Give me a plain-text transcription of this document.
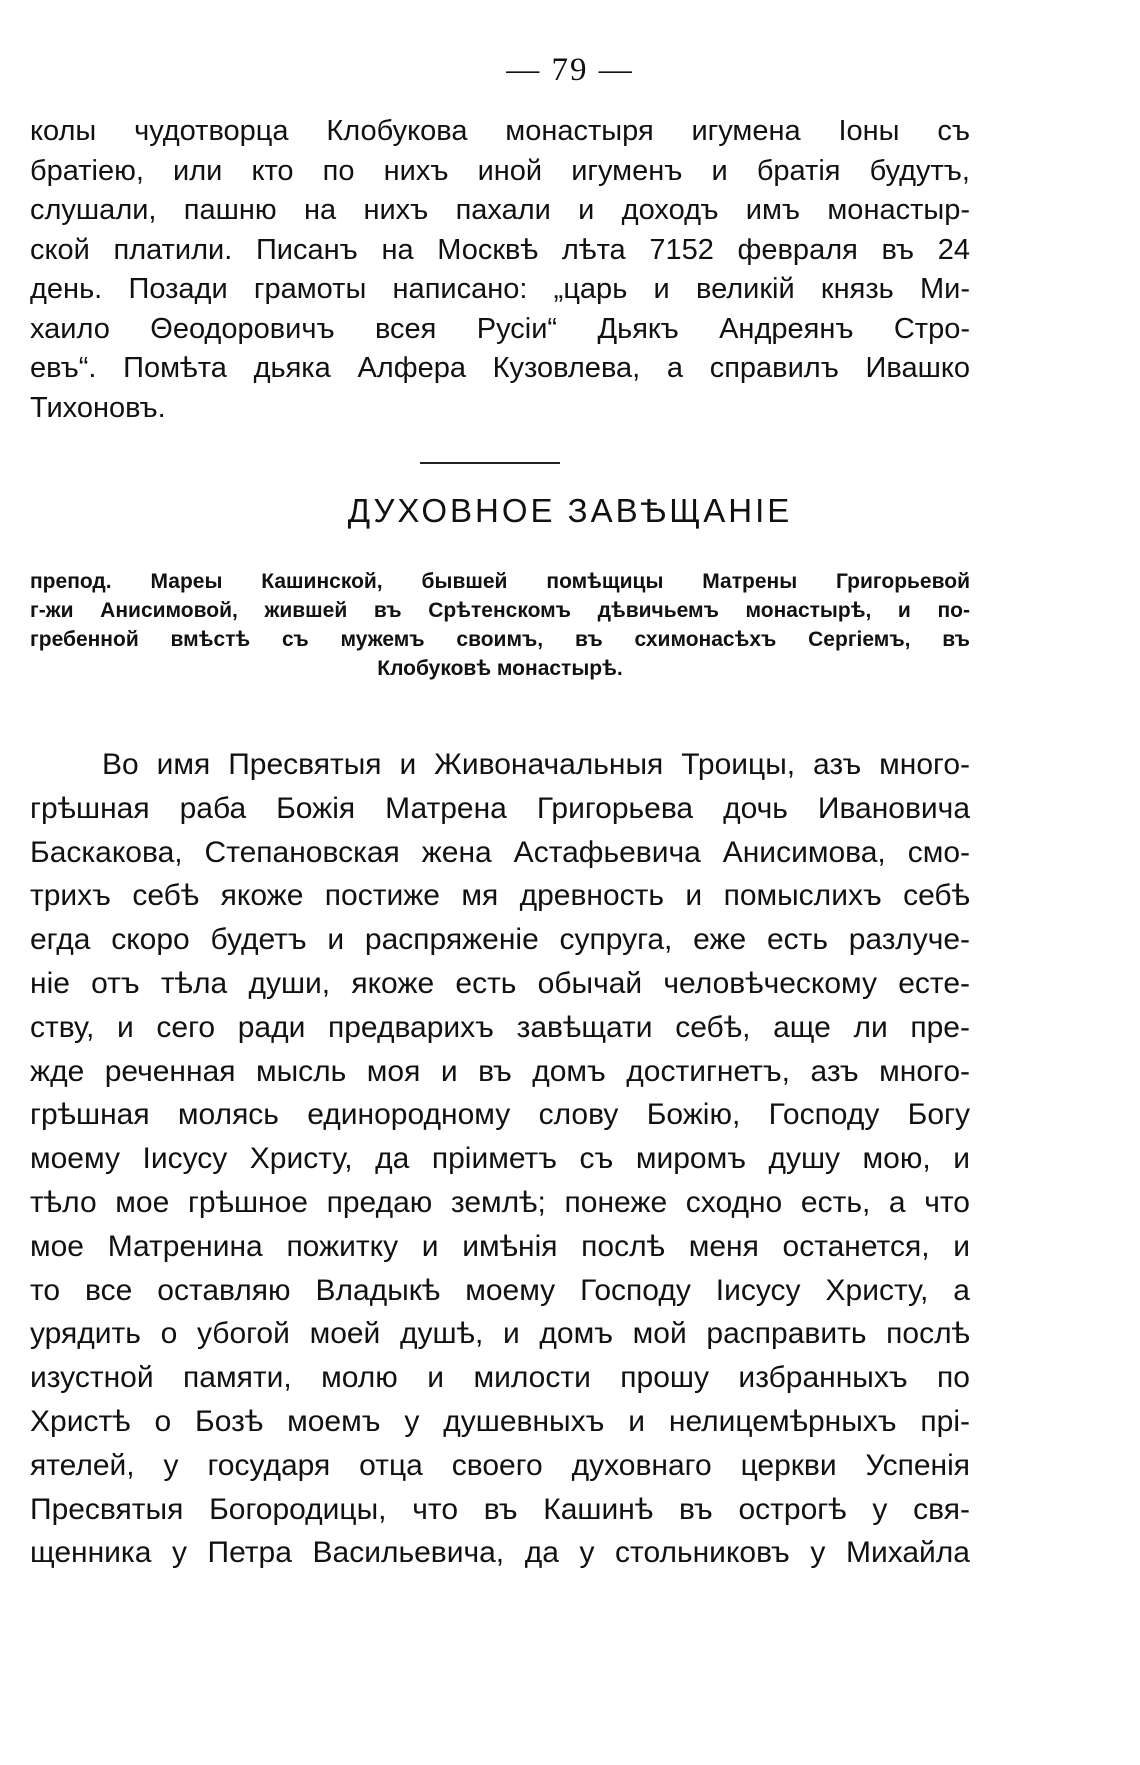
— 79 —
колы чудотворца Клобукова монастыря игумена Іоны съ
братіею, или кто по нихъ иной игуменъ и братія будутъ,
слушали, пашню на нихъ пахали и доходъ имъ монастыр-
ской платили. Писанъ на Москвѣ лѣта 7152 февраля въ 24
день. Позади грамоты написано: „царь и великій князь Ми-
хаило Θеодоровичъ всея Русіи“ Дьякъ Андреянъ Стро-
евъ“. Помѣта дьяка Алфера Кузовлева, а справилъ Ивашко
Тихоновъ.
ДУХОВНОЕ ЗАВѢЩАНІЕ
препод. Мареы Кашинской, бывшей помѣщицы Матрены Григорьевой
г-жи Анисимовой, жившей въ Срѣтенскомъ дѣвичьемъ монастырѣ, и по-
гребенной вмѣстѣ съ мужемъ своимъ, въ схимонасѣхъ Сергіемъ, въ
Клобуковѣ монастырѣ.
Во имя Пресвятыя и Живоначальныя Троицы, азъ много-
грѣшная раба Божія Матрена Григорьева дочь Ивановича
Баскакова, Степановская жена Астафьевича Анисимова, смо-
трихъ себѣ якоже постиже мя древность и помыслихъ себѣ
егда скоро будетъ и распряженіе супруга, еже есть разлуче-
ніе отъ тѣла души, якоже есть обычай человѣческому есте-
ству, и сего ради предварихъ завѣщати себѣ, аще ли пре-
жде реченная мысль моя и въ домъ достигнетъ, азъ много-
грѣшная молясь единородному слову Божію, Господу Богу
моему Іисусу Христу, да пріиметъ съ миромъ душу мою, и
тѣло мое грѣшное предаю землѣ; понеже сходно есть, а что
мое Матренина пожитку и имѣнія послѣ меня останется, и
то все оставляю Владыкѣ моему Господу Іисусу Христу, а
урядить о убогой моей душѣ, и домъ мой расправить послѣ
изустной памяти, молю и милости прошу избранныхъ по
Христѣ о Бозѣ моемъ у душевныхъ и нелицемѣрныхъ прі-
ятелей, у государя отца своего духовнаго церкви Успенія
Пресвятыя Богородицы, что въ Кашинѣ въ острогѣ у свя-
щенника у Петра Васильевича, да у стольниковъ у Михайла
